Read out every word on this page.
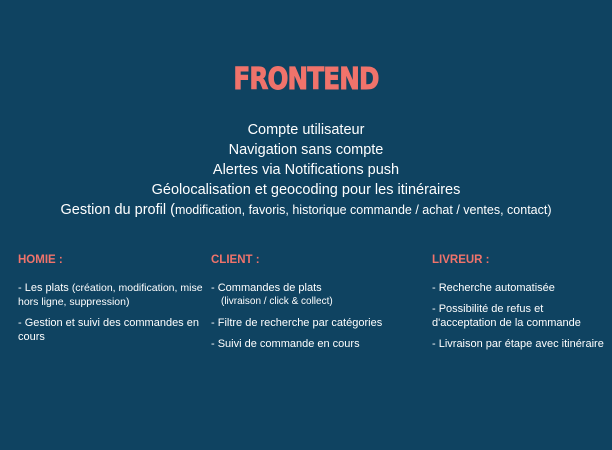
FRONTEND
Compte utilisateur
Navigation sans compte
Alertes via Notifications push
Géolocalisation et geocoding pour les itinéraires
Gestion du profil (modification, favoris, historique commande / achat / ventes, contact)
HOMIE :
- Les plats (création, modification, mise hors ligne, suppression)
- Gestion et suivi des commandes en cours
CLIENT :
- Commandes de plats
(livraison / click & collect)
- Filtre de recherche par catégories
- Suivi de commande en cours
LIVREUR :
- Recherche automatisée
- Possibilité de refus et d'acceptation de la commande
- Livraison par étape avec itinéraire
